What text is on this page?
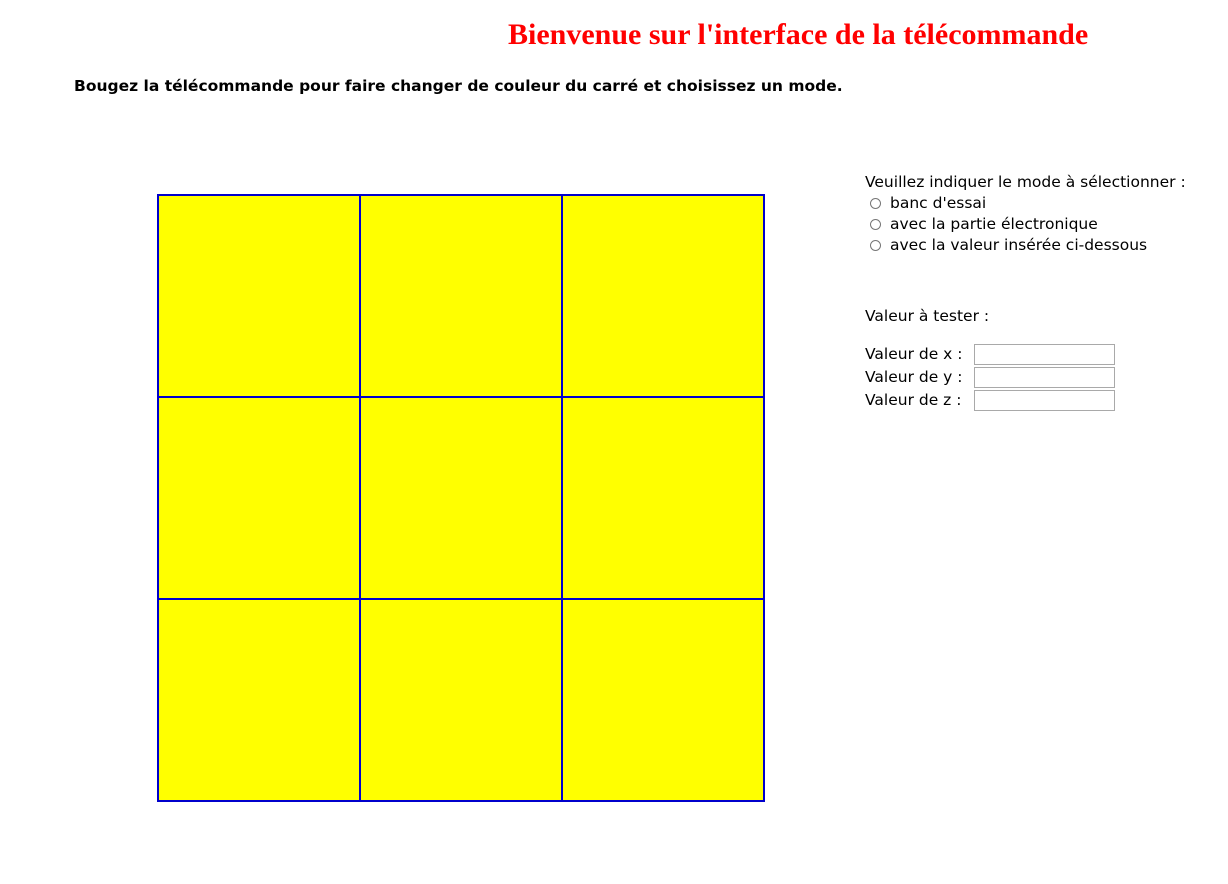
Bienvenue sur l'interface de la télécommande

Bougez la télécommande pour faire changer de couleur du carré et choisissez un mode.

Veuillez indiquer le mode à sélectionner :

banc d'essai
avec la partie électronique
avec la valeur insérée ci-dessous

Valeur à tester :

Valeur de x :
Valeur de y :
Valeur de z :
